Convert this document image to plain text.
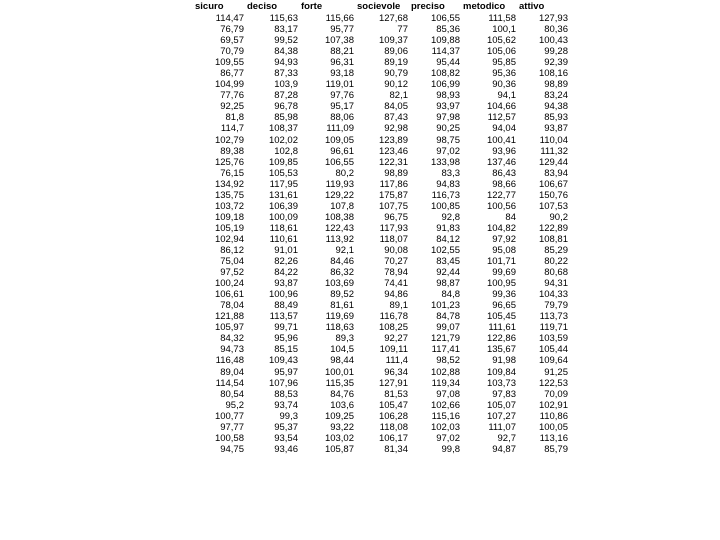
sicuro	deciso	forte	socievole	preciso	metodico	attivo
114,47	115,63	115,66	127,68	106,55	111,58	127,93
76,79	83,17	95,77	77	85,36	100,1	80,36
69,57	99,52	107,38	109,37	109,88	105,62	100,43
70,79	84,38	88,21	89,06	114,37	105,06	99,28
109,55	94,93	96,31	89,19	95,44	95,85	92,39
86,77	87,33	93,18	90,79	108,82	95,36	108,16
104,99	103,9	119,01	90,12	106,99	90,36	98,89
77,76	87,28	97,76	82,1	98,93	94,1	83,24
92,25	96,78	95,17	84,05	93,97	104,66	94,38
81,8	85,98	88,06	87,43	97,98	112,57	85,93
114,7	108,37	111,09	92,98	90,25	94,04	93,87
102,79	102,02	109,05	123,89	98,75	100,41	110,04
89,38	102,8	96,61	123,46	97,02	93,96	111,32
125,76	109,85	106,55	122,31	133,98	137,46	129,44
76,15	105,53	80,2	98,89	83,3	86,43	83,94
134,92	117,95	119,93	117,86	94,83	98,66	106,67
135,75	131,61	129,22	175,87	116,73	122,77	150,76
103,72	106,39	107,8	107,75	100,85	100,56	107,53
109,18	100,09	108,38	96,75	92,8	84	90,2
105,19	118,61	122,43	117,93	91,83	104,82	122,89
102,94	110,61	113,92	118,07	84,12	97,92	108,81
86,12	91,01	92,1	90,08	102,55	95,08	85,29
75,04	82,26	84,46	70,27	83,45	101,71	80,22
97,52	84,22	86,32	78,94	92,44	99,69	80,68
100,24	93,87	103,69	74,41	98,87	100,95	94,31
106,61	100,96	89,52	94,86	84,8	99,36	104,33
78,04	88,49	81,61	89,1	101,23	96,65	79,79
121,88	113,57	119,69	116,78	84,78	105,45	113,73
105,97	99,71	118,63	108,25	99,07	111,61	119,71
84,32	95,96	89,3	92,27	121,79	122,86	103,59
94,73	85,15	104,5	109,11	117,41	135,67	105,44
116,48	109,43	98,44	111,4	98,52	91,98	109,64
89,04	95,97	100,01	96,34	102,88	109,84	91,25
114,54	107,96	115,35	127,91	119,34	103,73	122,53
80,54	88,53	84,76	81,53	97,08	97,83	70,09
95,2	93,74	103,6	105,47	102,66	105,07	102,91
100,77	99,3	109,25	106,28	115,16	107,27	110,86
97,77	95,37	93,22	118,08	102,03	111,07	100,05
100,58	93,54	103,02	106,17	97,02	92,7	113,16
94,75	93,46	105,87	81,34	99,8	94,87	85,79
